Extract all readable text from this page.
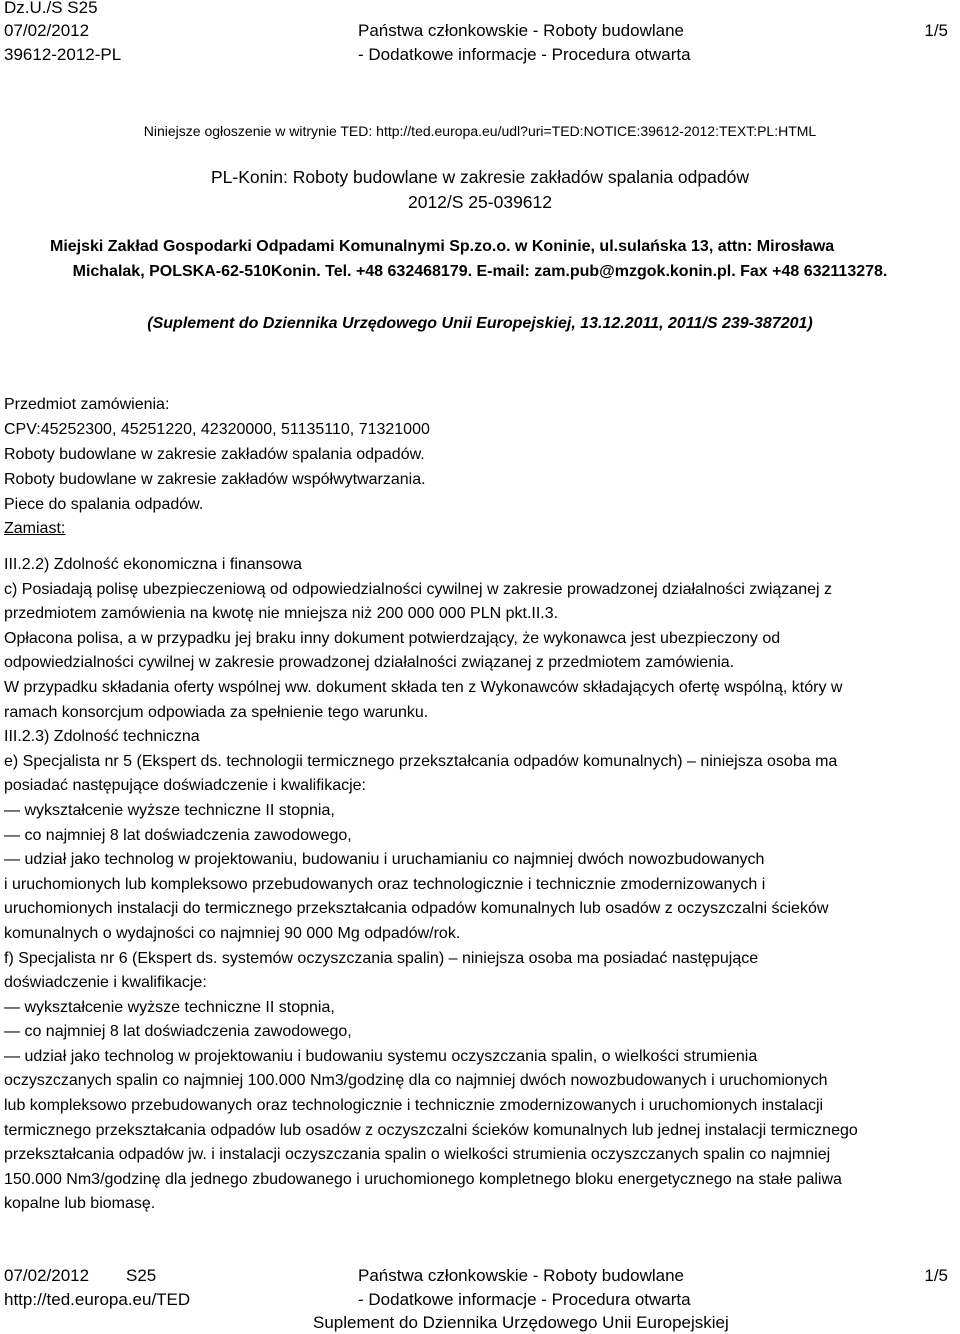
Dz.U./S S25
07/02/2012
39612-2012-PL
Państwa członkowskie - Roboty budowlane
- Dodatkowe informacje - Procedura otwarta
1/5
Niniejsze ogłoszenie w witrynie TED: http://ted.europa.eu/udl?uri=TED:NOTICE:39612-2012:TEXT:PL:HTML
PL-Konin: Roboty budowlane w zakresie zakładów spalania odpadów
2012/S 25-039612
Miejski Zakład Gospodarki Odpadami Komunalnymi Sp.zo.o. w Koninie, ul.sulańska 13, attn: Mirosława
Michalak, POLSKA-62-510Konin. Tel. +48 632468179. E-mail: zam.pub@mzgok.konin.pl. Fax +48 632113278.
(Suplement do Dziennika Urzędowego Unii Europejskiej, 13.12.2011, 2011/S 239-387201)
Przedmiot zamówienia:
CPV:45252300, 45251220, 42320000, 51135110, 71321000
Roboty budowlane w zakresie zakładów spalania odpadów.
Roboty budowlane w zakresie zakładów współwytwarzania.
Piece do spalania odpadów.
Zamiast:
III.2.2) Zdolność ekonomiczna i finansowa
c) Posiadają polisę ubezpieczeniową od odpowiedzialności cywilnej w zakresie prowadzonej działalności związanej z
przedmiotem zamówienia na kwotę nie mniejsza niż 200 000 000 PLN pkt.II.3.
Opłacona polisa, a w przypadku jej braku inny dokument potwierdzający, że wykonawca jest ubezpieczony od
odpowiedzialności cywilnej w zakresie prowadzonej działalności związanej z przedmiotem zamówienia.
W przypadku składania oferty wspólnej ww. dokument składa ten z Wykonawców składających ofertę wspólną, który w
ramach konsorcjum odpowiada za spełnienie tego warunku.
III.2.3) Zdolność techniczna
e) Specjalista nr 5 (Ekspert ds. technologii termicznego przekształcania odpadów komunalnych) – niniejsza osoba ma
posiadać następujące doświadczenie i kwalifikacje:
— wykształcenie wyższe techniczne II stopnia,
— co najmniej 8 lat doświadczenia zawodowego,
— udział jako technolog w projektowaniu, budowaniu i uruchamianiu co najmniej dwóch nowozbudowanych
i uruchomionych lub kompleksowo przebudowanych oraz technologicznie i technicznie zmodernizowanych i
uruchomionych instalacji do termicznego przekształcania odpadów komunalnych lub osadów z oczyszczalni ścieków
komunalnych o wydajności co najmniej 90 000 Mg odpadów/rok.
f) Specjalista nr 6 (Ekspert ds. systemów oczyszczania spalin) – niniejsza osoba ma posiadać następujące
doświadczenie i kwalifikacje:
— wykształcenie wyższe techniczne II stopnia,
— co najmniej 8 lat doświadczenia zawodowego,
— udział jako technolog w projektowaniu i budowaniu systemu oczyszczania spalin, o wielkości strumienia
oczyszczanych spalin co najmniej 100.000 Nm3/godzinę dla co najmniej dwóch nowozbudowanych i uruchomionych
lub kompleksowo przebudowanych oraz technologicznie i technicznie zmodernizowanych i uruchomionych instalacji
termicznego przekształcania odpadów lub osadów z oczyszczalni ścieków komunalnych lub jednej instalacji termicznego
przekształcania odpadów jw. i instalacji oczyszczania spalin o wielkości strumienia oczyszczanych spalin co najmniej
150.000 Nm3/godzinę dla jednego zbudowanego i uruchomionego kompletnego bloku energetycznego na stałe paliwa
kopalne lub biomasę.
07/02/2012 S25
http://ted.europa.eu/TED
Państwa członkowskie - Roboty budowlane
- Dodatkowe informacje - Procedura otwarta
Suplement do Dziennika Urzędowego Unii Europejskiej
1/5
